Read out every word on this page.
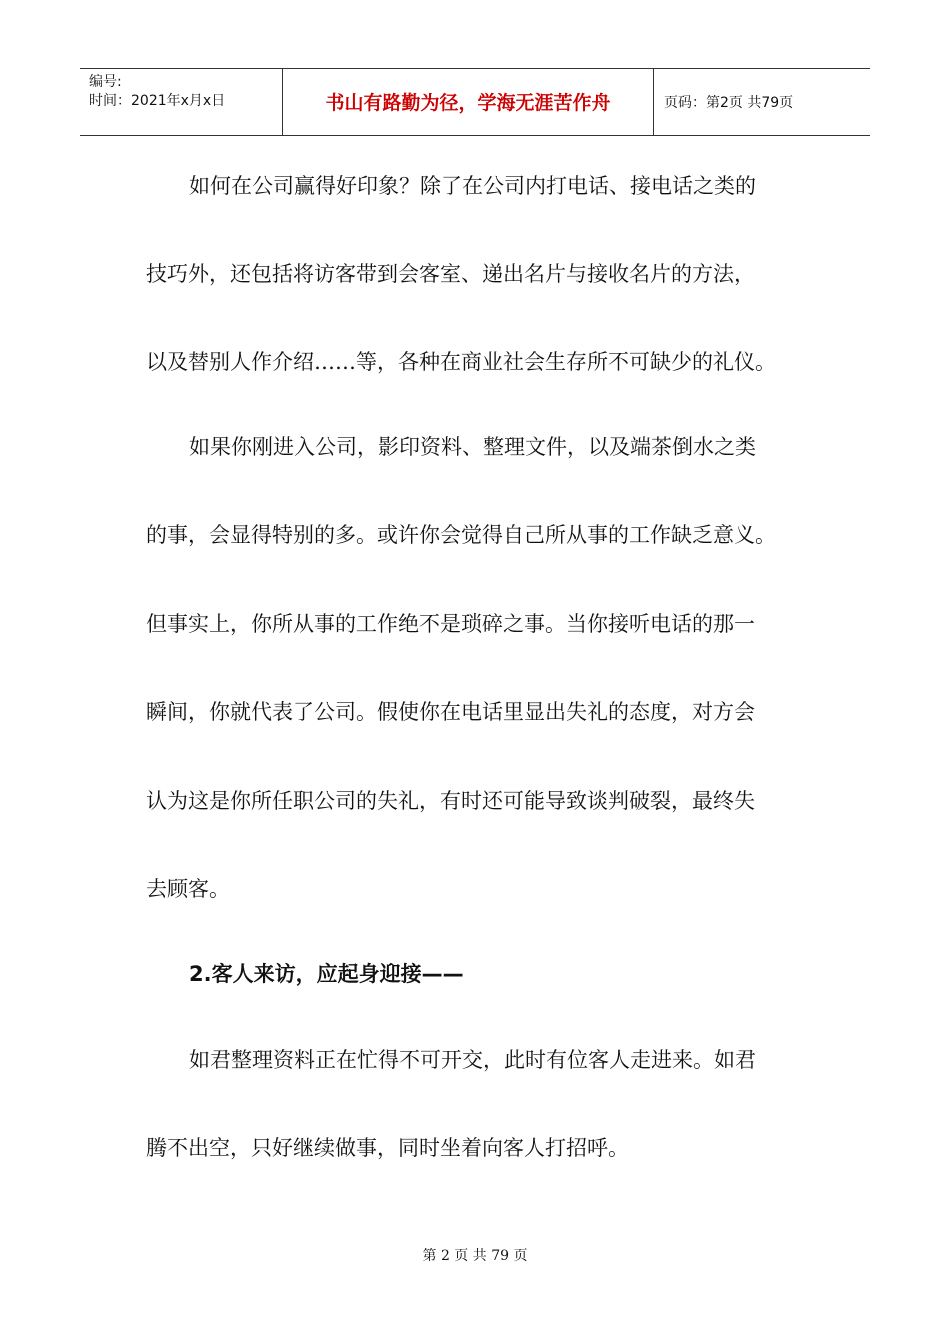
编号:
时间：2021年x月x日	书山有路勤为径，学海无涯苦作舟	页码：第2页 共79页
如何在公司赢得好印象？除了在公司内打电话、接电话之类的
技巧外，还包括将访客带到会客室、递出名片与接收名片的方法，
以及替别人作介绍……等，各种在商业社会生存所不可缺少的礼仪。
如果你刚进入公司，影印资料、整理文件，以及端茶倒水之类
的事，会显得特别的多。或许你会觉得自己所从事的工作缺乏意义。
但事实上，你所从事的工作绝不是琐碎之事。当你接听电话的那一
瞬间，你就代表了公司。假使你在电话里显出失礼的态度，对方会
认为这是你所任职公司的失礼，有时还可能导致谈判破裂，最终失
去顾客。
2.客人来访，应起身迎接——
如君整理资料正在忙得不可开交，此时有位客人走进来。如君
腾不出空，只好继续做事，同时坐着向客人打招呼。
第 2 页 共 79 页
